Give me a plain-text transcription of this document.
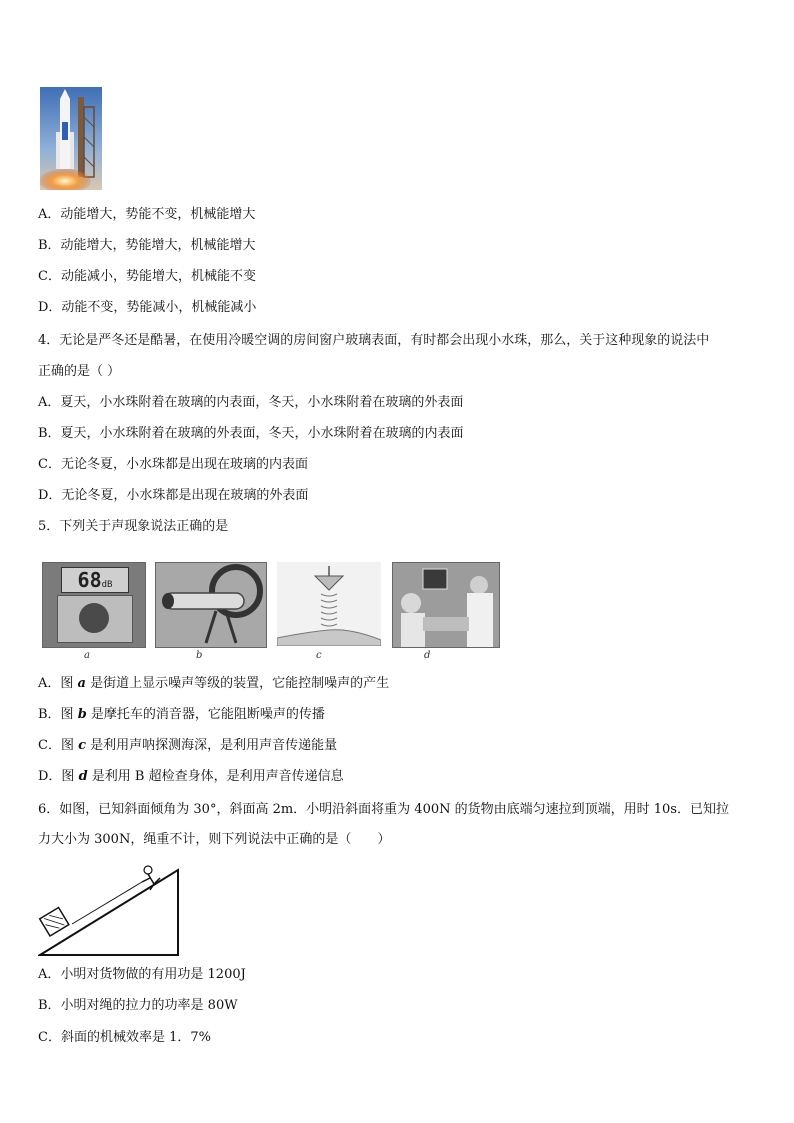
A．动能增大，势能不变，机械能增大
B．动能增大，势能增大，机械能增大
C．动能减小，势能增大，机械能不变
D．动能不变，势能减小，机械能减小
4．无论是严冬还是酷暑，在使用冷暖空调的房间窗户玻璃表面，有时都会出现小水珠，那么，关于这种现象的说法中
正确的是（ ）
A．夏天，小水珠附着在玻璃的内表面，冬天，小水珠附着在玻璃的外表面
B．夏天，小水珠附着在玻璃的外表面，冬天，小水珠附着在玻璃的内表面
C．无论冬夏，小水珠都是出现在玻璃的内表面
D．无论冬夏，小水珠都是出现在玻璃的外表面
5．下列关于声现象说法正确的是
68dB
a	b	c	d
A．图 a 是街道上显示噪声等级的装置，它能控制噪声的产生
B．图 b 是摩托车的消音器，它能阻断噪声的传播
C．图 c 是利用声呐探测海深，是利用声音传递能量
D．图 d 是利用 B 超检查身体，是利用声音传递信息
6．如图，已知斜面倾角为 30°，斜面高 2m．小明沿斜面将重为 400N 的货物由底端匀速拉到顶端，用时 10s．已知拉
力大小为 300N，绳重不计，则下列说法中正确的是（　　）
A．小明对货物做的有用功是 1200J
B．小明对绳的拉力的功率是 80W
C．斜面的机械效率是 1．7%
